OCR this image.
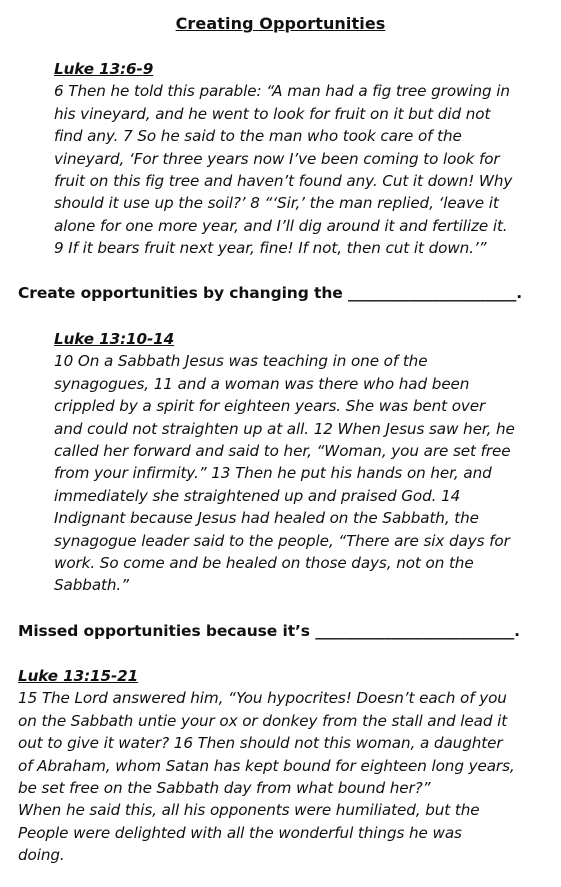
Creating Opportunities
Luke 13:6-9
6 Then he told this parable: “A man had a fig tree growing in
his vineyard, and he went to look for fruit on it but did not
find any. 7 So he said to the man who took care of the
vineyard, ‘For three years now I’ve been coming to look for
fruit on this fig tree and haven’t found any. Cut it down! Why
should it use up the soil?’ 8 “‘Sir,’ the man replied, ‘leave it
alone for one more year, and I’ll dig around it and fertilize it.
9 If it bears fruit next year, fine! If not, then cut it down.’”
Create opportunities by changing the ______________________.
Luke 13:10-14
10 On a Sabbath Jesus was teaching in one of the
synagogues, 11 and a woman was there who had been
crippled by a spirit for eighteen years. She was bent over
and could not straighten up at all. 12 When Jesus saw her, he
called her forward and said to her, “Woman, you are set free
from your infirmity.” 13 Then he put his hands on her, and
immediately she straightened up and praised God. 14
Indignant because Jesus had healed on the Sabbath, the
synagogue leader said to the people, “There are six days for
work. So come and be healed on those days, not on the
Sabbath.”
Missed opportunities because it’s __________________________.
Luke 13:15-21
15 The Lord answered him, “You hypocrites! Doesn’t each of you
on the Sabbath untie your ox or donkey from the stall and lead it
out to give it water? 16 Then should not this woman, a daughter
of Abraham, whom Satan has kept bound for eighteen long years,
be set free on the Sabbath day from what bound her?”
When he said this, all his opponents were humiliated, but the
People were delighted with all the wonderful things he was
doing.
